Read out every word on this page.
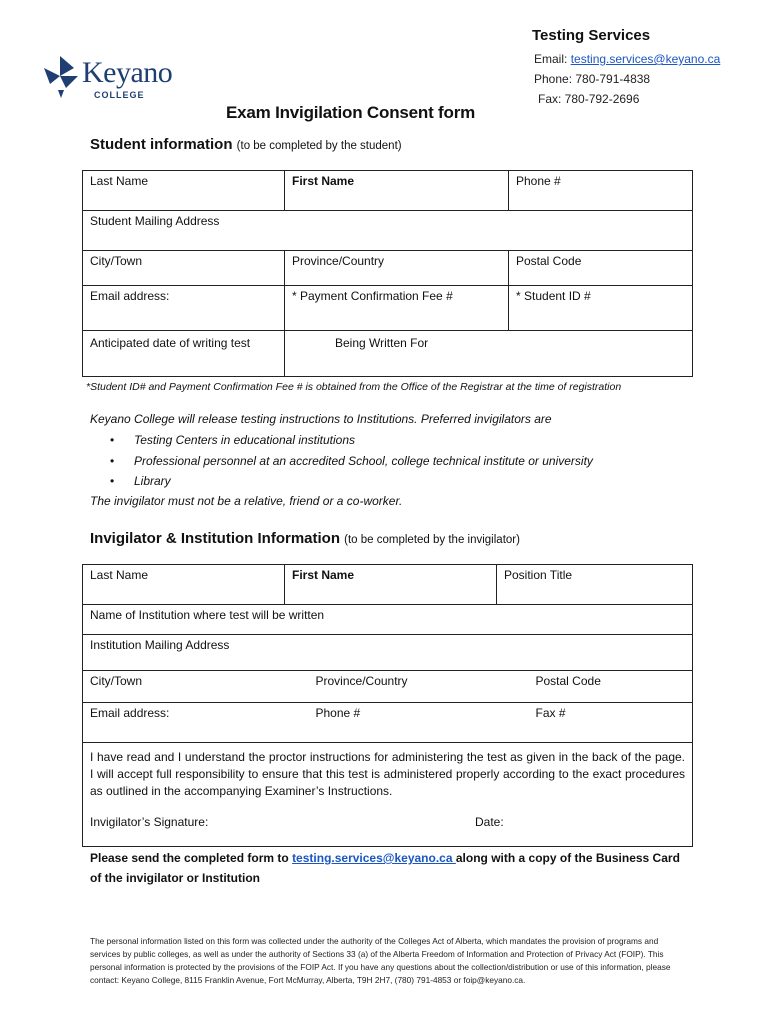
Keyano
COLLEGE
Testing Services
Email: testing.services@keyano.ca
Phone: 780-791-4838
Fax: 780-792-2696
Exam Invigilation Consent form
Student information (to be completed by the student)
Last Name	First Name	Phone #
Student Mailing Address		
City/Town	Province/Country	Postal Code
Email address:	* Payment Confirmation Fee #	* Student ID #
Anticipated date of writing test	Being Written For	
*Student ID# and Payment Confirmation Fee # is obtained from the Office of the Registrar at the time of registration
Keyano College will release testing instructions to Institutions. Preferred invigilators are
• Testing Centers in educational institutions
• Professional personnel at an accredited School, college technical institute or university
• Library
The invigilator must not be a relative, friend or a co-worker.
Invigilator & Institution Information (to be completed by the invigilator)
Last Name	First Name		Position Title	
Name of Institution where test will be written				
Institution Mailing Address				
City/Town		Province/Country		Postal Code
Email address:		Phone #		Fax #

I have read and I understand the proctor instructions for administering the test as given in the back of the page. I will accept full responsibility to ensure that this test is administered properly according to the exact procedures as outlined in the accompanying Examiner’s Instructions.
Invigilator’s Signature: Date:				
Please send the completed form to testing.services@keyano.ca along with a copy of the Business Card of the invigilator or Institution
The personal information listed on this form was collected under the authority of the Colleges Act of Alberta, which mandates the provision of programs and services by public colleges, as well as under the authority of Sections 33 (a) of the Alberta Freedom of Information and Protection of Privacy Act (FOIP). This personal information is protected by the provisions of the FOIP Act. If you have any questions about the collection/distribution or use of this information, please contact: Keyano College, 8115 Franklin Avenue, Fort McMurray, Alberta, T9H 2H7, (780) 791-4853 or foip@keyano.ca.
